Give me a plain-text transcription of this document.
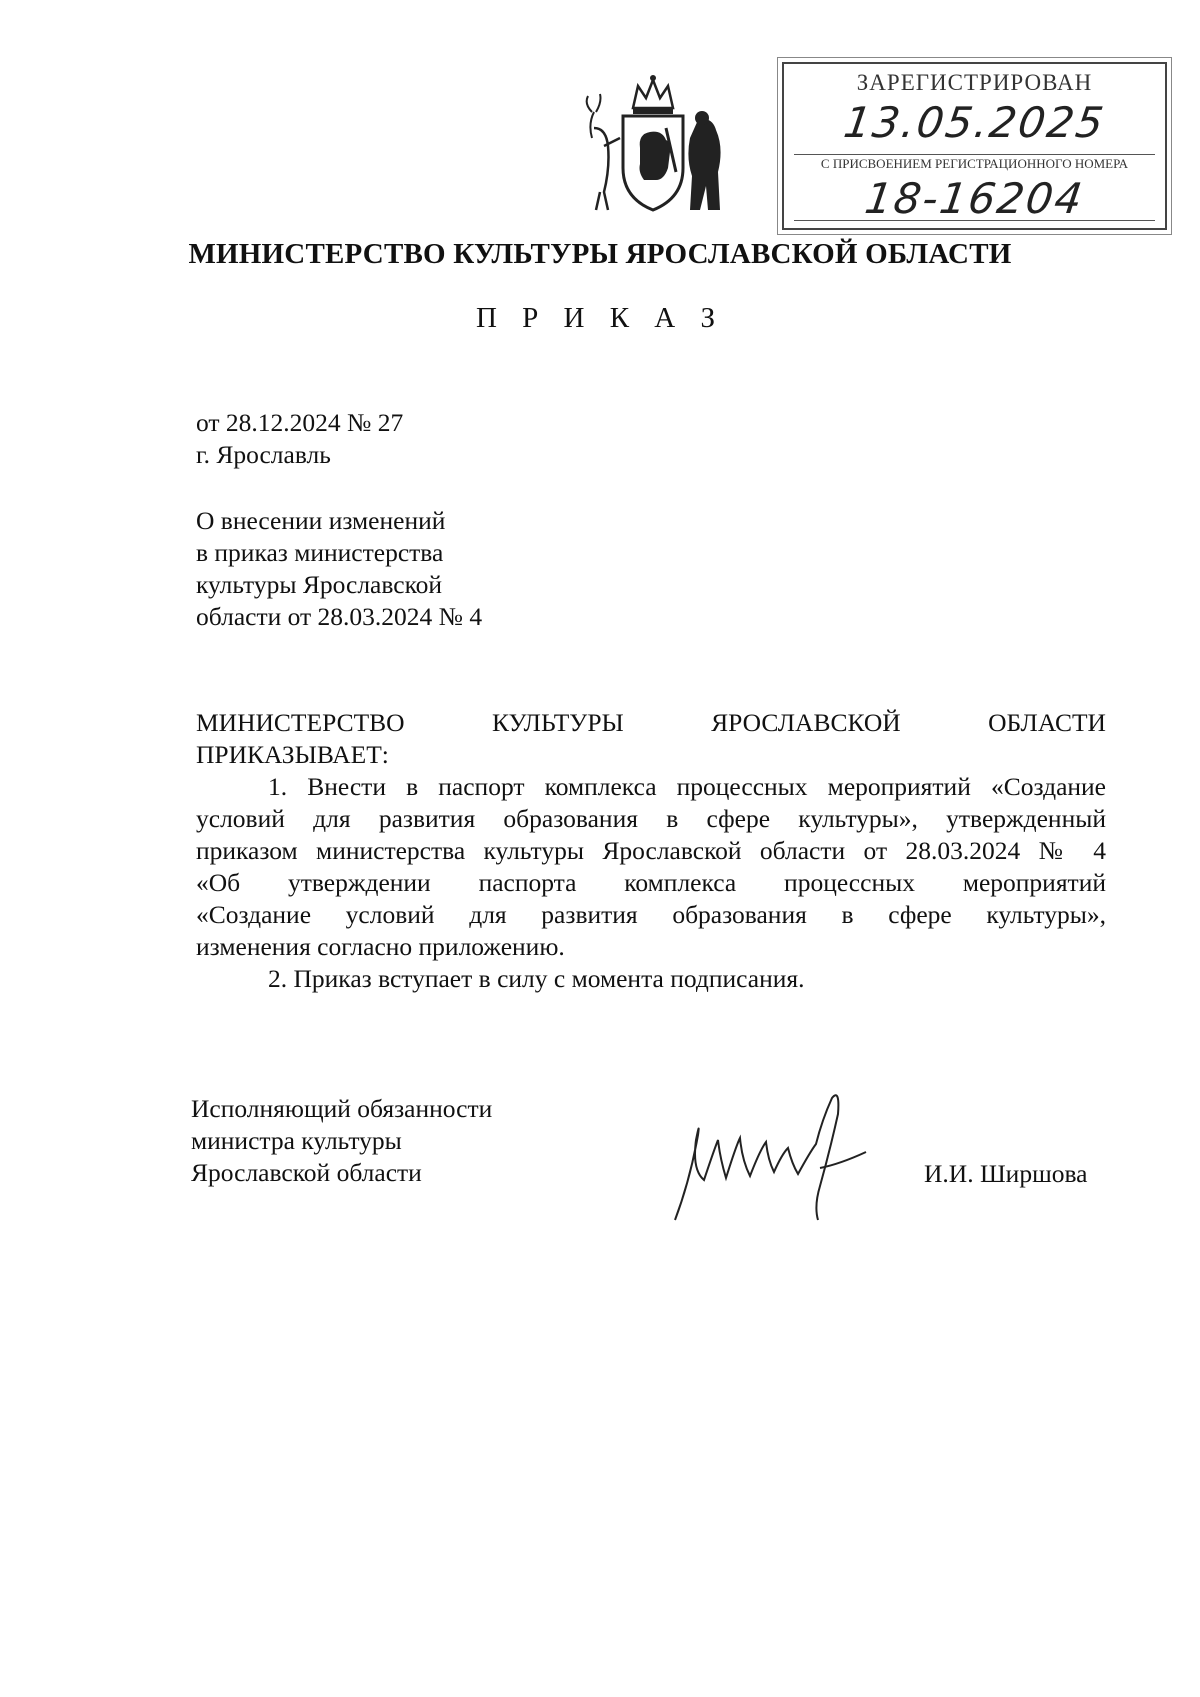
ЗАРЕГИСТРИРОВАН
13.05.2025
С ПРИСВОЕНИЕМ РЕГИСТРАЦИОННОГО НОМЕРА
18-16204
МИНИСТЕРСТВО КУЛЬТУРЫ ЯРОСЛАВСКОЙ ОБЛАСТИ
П Р И К А З
от 28.12.2024 № 27
г. Ярославль
О внесении изменений
в приказ министерства
культуры Ярославской
области от 28.03.2024 № 4
МИНИСТЕРСТВО	КУЛЬТУРЫ	ЯРОСЛАВСКОЙ	ОБЛАСТИ
ПРИКАЗЫВАЕТ:
1. Внести в паспорт комплекса процессных мероприятий «Создание
условий для развития образования в сфере культуры», утвержденный
приказом министерства культуры Ярославской области от 28.03.2024 № 4
«Об утверждении паспорта комплекса процессных мероприятий
«Создание условий для развития образования в сфере культуры»,
изменения согласно приложению.
2. Приказ вступает в силу с момента подписания.
Исполняющий обязанности
министра культуры
Ярославской области	И.И. Ширшова
